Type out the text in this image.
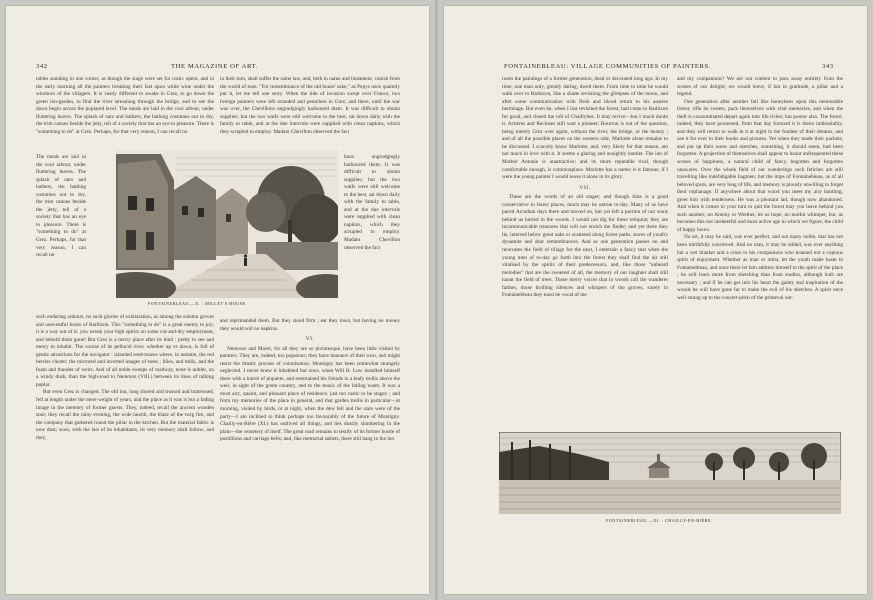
342	THE MAGAZINE OF ART.

tables standing in one corner, as though the stage were set for rustic opera, and in the early morning all the painters breaking their fast upon white wine under the windows of the villagers. It is vastly different to awake in Grez, to go down the green inn-garden, to find the river streaming through the bridge, and to see the dawn begin across the poplared level. The meals are laid in the cool arbour, under fluttering leaves. The splash of oars and bathers, the bathing costumes out to dry, the trim canoes beside the jetty, tell of a society that has an eye to pleasure. There is "something to do" at Grez. Perhaps, for that very reason, I can recall no

The meals are laid in the cool arbour, under fluttering leaves. The splash of oars and bathers, the bathing costumes out to dry, the trim canoes beside the jetty, tell of a society that has an eye to pleasure. There is "something to do" at Grez. Perhaps, for that very reason, I can recall no

such enduring ardours, no such glories of exhilaration, as among the solemn groves and uneventful hours of Barbizon. This "something to do" is a great enemy to joy; it is a way out of it; you wreak your high spirits on some cut-and-dry employment, and behold them gone! But Grez is a merry place after its kind : pretty to see and merry to inhabit. The course of its pellucid river, whether up or down, is full of gentle attractions for the navigator : islanded reed-mazes where, in autumn, the red berries cluster; the mirrored and inverted images of trees ; lilies, and mills, and the foam and thunder of weirs. And of all noble sweeps of roadway, none is nobler, on a windy dusk, than the high-road to Nemours (VIII.) between its lines of talking poplar.

But even Grez is changed. The old inn, long shored and trussed and buttressed, fell at length under the mere weight of years, and the place as it was is but a fading image in the memory of former guests. They, indeed, recall the ancient wooden stair; they recall the rainy evening, the wide hearth, the blaze of the twig fire, and the company that gathered round the pillar in the kitchen. But the material fabric is now dust; soon, with the last of its inhabitants, its very memory shall follow; and they,

in their turn, shall suffer the same law, and, both in name and lineament, vanish from the world of men. "For remembrance of the old house' sake," as Pepys once quaintly put it, let me tell one story. When the tide of invasion swept over France, two foreign painters were left stranded and penniless in Grez; and there, until the war was over, the Chevillons ungrudgingly harboured them. It was difficult to obtain supplies; but the two waifs were still welcome to the best, sat down daily with the family to table, and at the due intervals were supplied with clean napkins, which they scrupled to employ. Madam Chevillon observed the fact

bons ungrudgingly harboured them. It was difficult to obtain supplies; but the two waifs were still welcome to the best, sat down daily with the family to table, and at the due intervals were supplied with clean napkins, which they scrupled to employ. Madam Chevillon observed the fact

and reprimanded them. But they stood firm ; eat they must, but having no money they would soil no napkins.

VI.

Nemours and Moret, for all they are so picturesque, have been little visited by painters. They are, indeed, too populous; they have manners of their own, and might resist the drastic process of colonisation. Montigny has been somewhat strangely neglected. I never knew it inhabited but once, when Will H. Low installed himself there with a barrel of piquette, and entertained his friends in a leafy trellis above the weir, in sight of the green country, and to the music of the falling water. It was a most airy, quaint, and pleasant place of residence, just too rustic to be stagey ; and from my memories of the place in general, and that garden trellis in particular—at morning, visited by birds, or at night, when the dew fell and the stars were of the party—I am inclined to think perhaps too favourably of the future of Montigny. Chailly-en-Bière (XI.) has outlived all things, and lies dustily slumbering in the plain—the cemetery of itself. The great road remains to testify of its former bustle of postillions and carriage bells; and, like memorial tablets, there still hang in the inn

FONTAINEBLEAU.—X. : MILLET'S HOUSE.
FONTAINEBLEAU: VILLAGE COMMUNITIES OF PAINTERS.	343

room the paintings of a former generation, dead or decorated long ago. In my time, one man only, greatly daring, dwelt there. From time to time he would walk over to Barbizon, like a shade revisiting the glimpses of the moon, and after some communication with flesh and blood return to his austere hermitage. But even he, when I last revisited the forest, had come to Barbizon for good, and closed the roll of Chaillyites. It may revive—but I much doubt it. Achères and Recloses still wait a pioneer; Bourron is out of the question, being merely Grez over again, without the river, the bridge, or the beauty ; and of all the possible places on the western side, Marlotte alone remains to be discussed. I scarcely know Marlotte, and, very likely for that reason, am not much in love with it. It seems a glaring and unsightly hamlet. The inn of Mother Antonie is unattractive; and its more reputable rival, though comfortable enough, is commonplace. Marlotte has a name; it is famous; if I were the young painter I would leave it alone in its glory.

VII.

These are the words of an old stager; and though time is a good conservative in forest places, much may be untrue to-day. Many of us have paced Arcadian days there and moved on, but yet left a portion of our souls behind us buried in the woods. I would not dig for these reliquiæ; they are incommunicable treasures that will not enrich the finder; and yet there they lie, interred below great oaks or scattered along forest paths, stores of youth's dynamite and dear remembrances. And as one generation passes on and renovates the field of tillage for the next, I entertain a fancy that when the young men of to-day go forth into the forest they shall find the air still vitalised by the spirits of their predecessors, and, like those "unheard melodies" that are the sweetest of all, the memory of our laughter shall still haunt the field of trees. Those merry voices that in woods call the wanderer farther, those thrilling silences and whispers of the groves, surely in Fontainebleau they must be vocal of me

and my companions? We are not content to pass away entirely from the scenes of our delight; we would leave, if but in gratitude, a pillar and a legend.

One generation after another fall like honeybees upon this memorable forest, rifle its sweets, pack themselves with vital memories, and when the theft is consummated depart again into life richer, but poorer also. The forest, indeed, they have possessed, from that day forward it is theirs indissolubly, and they will return to walk in it at night in the fondest of their dreams, and use it for ever in their books and pictures. Yet when they made their packets, and put up their notes and sketches, something, it should seem, had been forgotten. A projection of themselves shall appear to haunt unfrequented these scenes of happiness, a natural child of fancy, begotten and forgotten unawares. Over the whole field of our wanderings such fetiches are still travelling like indefatigable bagmen; but the imps of Fontainebleau, as of all beloved spots, are very long of life, and memory is piously unwilling to forget their orphanage. If anywhere about that wood you meet my airy bantling, greet him with tenderness. He was a pleasant lad, though now abandoned. And when it comes to your turn to quit the forest may you leave behind you such another; no Antony or Werther, let us hope, no tearful whimper, but, as becomes this not unsheerful and most active age in which we figure, the child of happy hours.

No art, it may be said, was ever perfect, and not many noble, that has not been mirthfully conceived. And no man, it may be added, was ever anything but a wet blanket and a cross to his companions who boasted not a copious spirit of enjoyment. Whether as man or artist, let the youth make haste to Fontainebleau, and once there let him address himself to the spirit of the place ; he will learn more from sketching than from studies, although both are necessary ; and if he can get into his heart the gaiety and inspiration of the woods he will have gone far to make the evil of his sketches. A spirit once well strung up to the concert-pitch of the primeval out-

FONTAINEBLEAU.—XI. : CHAILLY-EN-BIÈRE.
